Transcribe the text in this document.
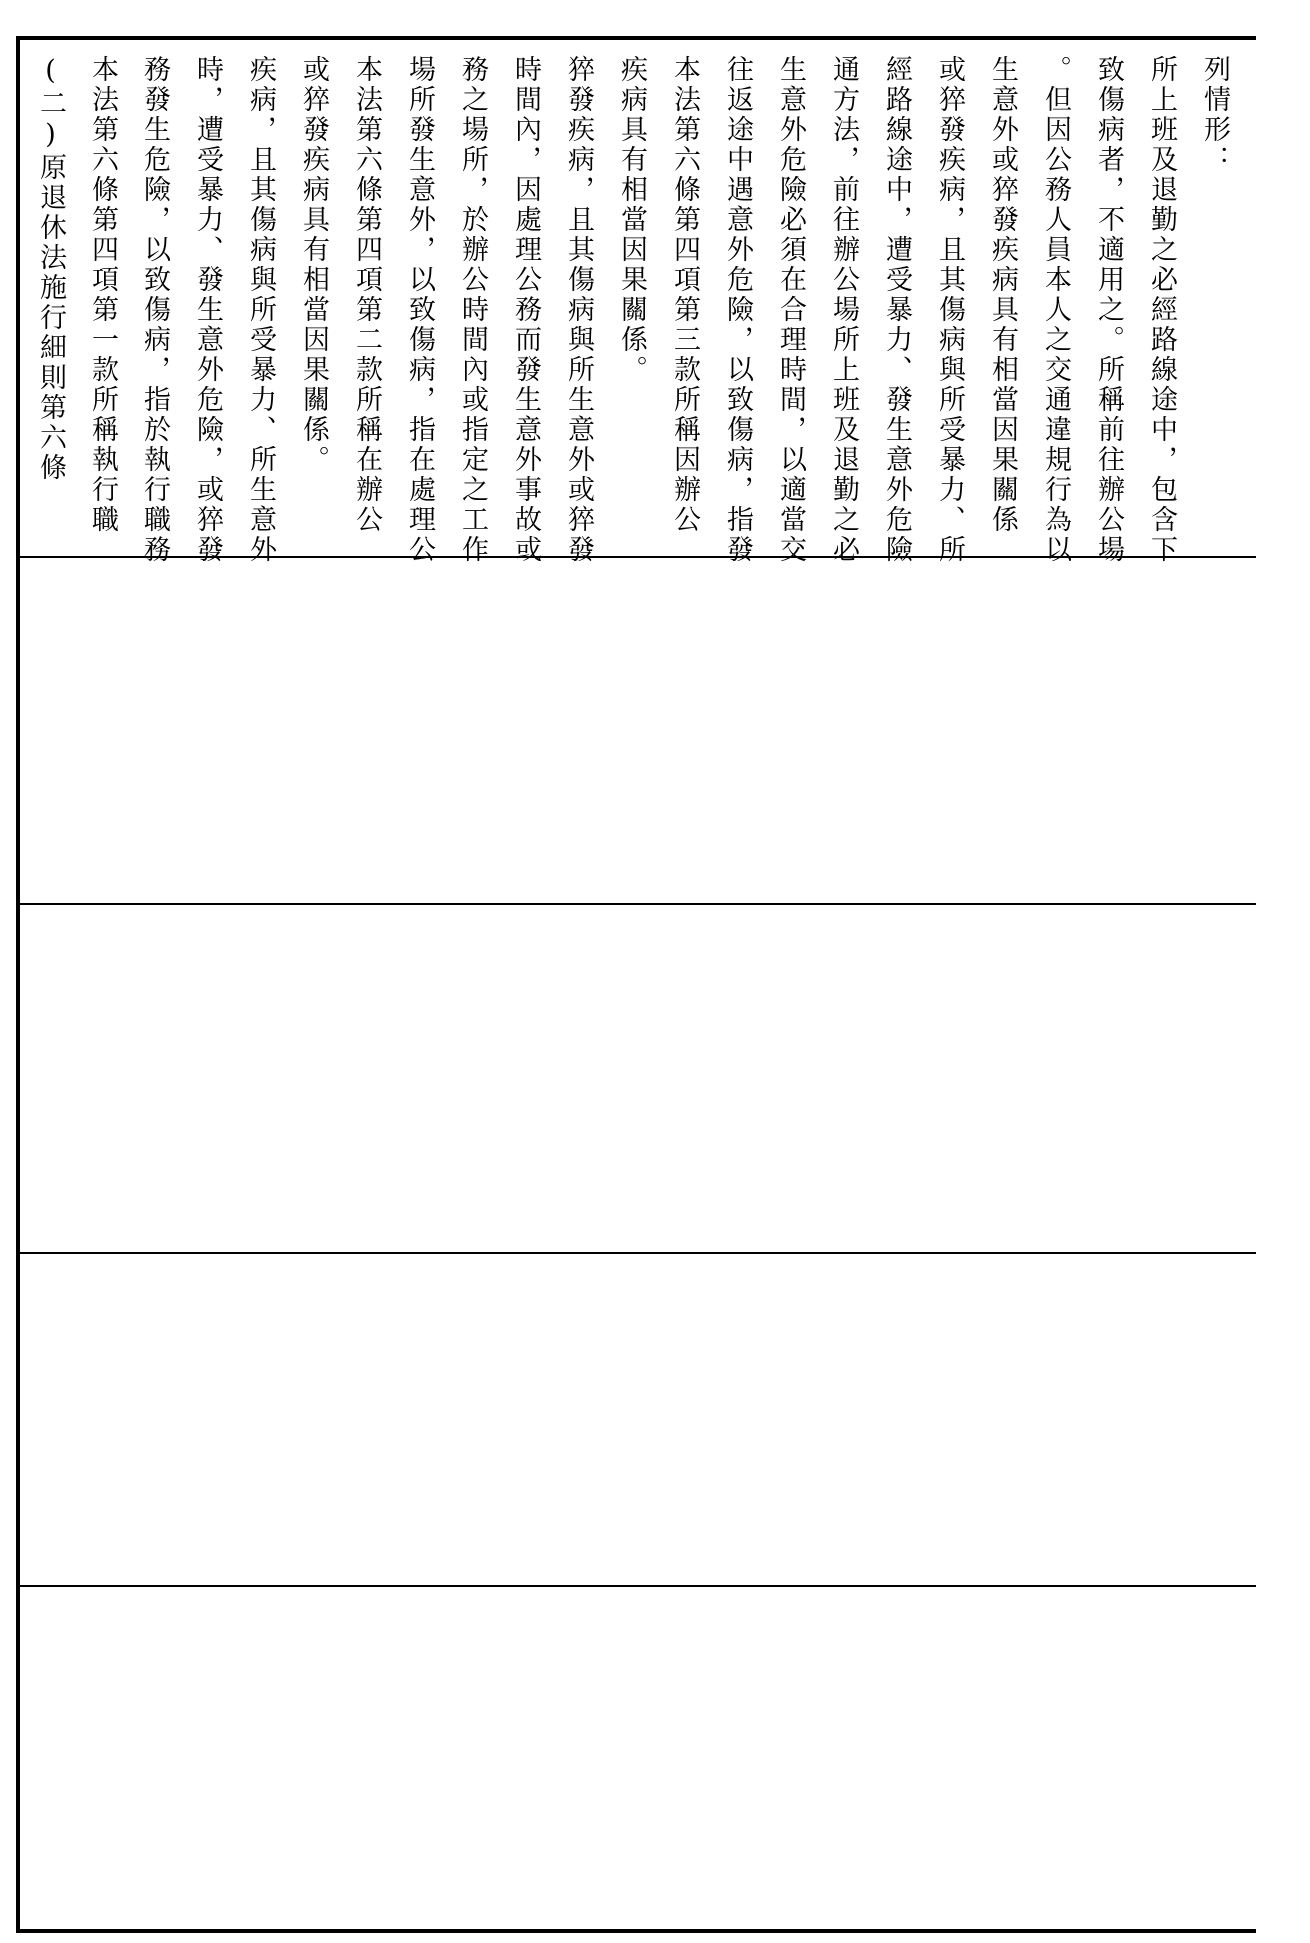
(二)原退休法施行細則第六條 本法第六條第四項第一款所稱執行職 務發生危險，以致傷病，指於執行職務 時，遭受暴力、發生意外危險，或猝發 疾病，且其傷病與所受暴力、所生意外 或猝發疾病具有相當因果關係。 本法第六條第四項第二款所稱在辦公 場所發生意外，以致傷病，指在處理公 務之場所，於辦公時間內或指定之工作 時間內，因處理公務而發生意外事故或 猝發疾病，且其傷病與所生意外或猝發 疾病具有相當因果關係。 本法第六條第四項第三款所稱因辦公 往返途中遇意外危險，以致傷病，指發 生意外危險必須在合理時間，以適當交 通方法，前往辦公場所上班及退勤之必 經路線途中，遭受暴力、發生意外危險 或猝發疾病，且其傷病與所受暴力、所 生意外或猝發疾病具有相當因果關係 。但因公務人員本人之交通違規行為以 致傷病者，不適用之。所稱前往辦公場 所上班及退勤之必經路線途中，包含下 列情形：
